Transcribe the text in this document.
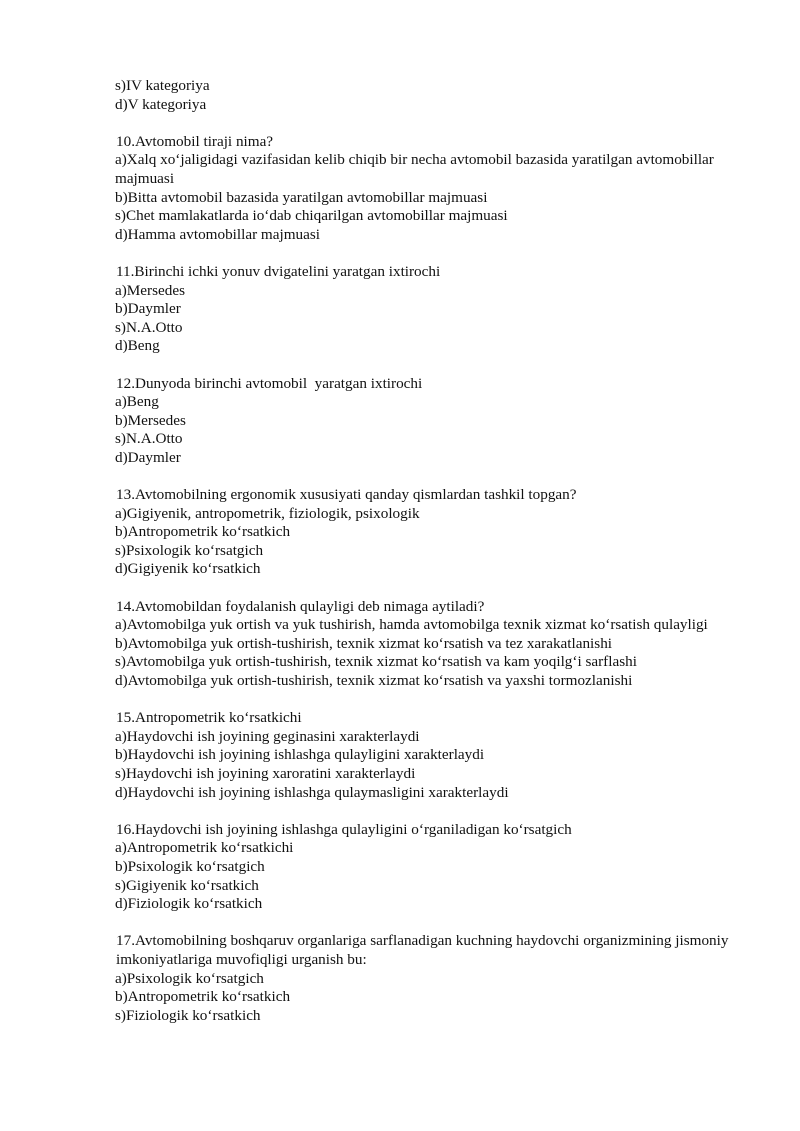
s)IV kategoriya

d)V kategoriya

10.Avtomobil tiraji nima?

a)Xalq xo‘jaligidagi vazifasidan kelib chiqib bir necha avtomobil bazasida yaratilgan avtomobillar majmuasi

b)Bitta avtomobil bazasida yaratilgan avtomobillar majmuasi

s)Chet mamlakatlarda io‘dab chiqarilgan avtomobillar majmuasi

d)Hamma avtomobillar majmuasi

11.Birinchi ichki yonuv dvigatelini yaratgan ixtirochi

a)Mersedes

b)Daymler

s)N.A.Otto

d)Beng

12.Dunyoda birinchi avtomobil  yaratgan ixtirochi

a)Beng

b)Mersedes

s)N.A.Otto

d)Daymler

13.Avtomobilning ergonomik xususiyati qanday qismlardan tashkil topgan?

a)Gigiyenik, antropometrik, fiziologik, psixologik

b)Antropometrik ko‘rsatkich

s)Psixologik ko‘rsatgich

d)Gigiyenik ko‘rsatkich

14.Avtomobildan foydalanish qulayligi deb nimaga aytiladi?

a)Avtomobilga yuk ortish va yuk tushirish, hamda avtomobilga texnik xizmat ko‘rsatish qulayligi

b)Avtomobilga yuk ortish-tushirish, texnik xizmat ko‘rsatish va tez xarakatlanishi

s)Avtomobilga yuk ortish-tushirish, texnik xizmat ko‘rsatish va kam yoqilg‘i sarflashi

d)Avtomobilga yuk ortish-tushirish, texnik xizmat ko‘rsatish va yaxshi tormozlanishi

15.Antropometrik ko‘rsatkichi

a)Haydovchi ish joyining geginasini xarakterlaydi

b)Haydovchi ish joyining ishlashga qulayligini xarakterlaydi

s)Haydovchi ish joyining xaroratini xarakterlaydi

d)Haydovchi ish joyining ishlashga qulaymasligini xarakterlaydi

16.Haydovchi ish joyining ishlashga qulayligini o‘rganiladigan ko‘rsatgich

a)Antropometrik ko‘rsatkichi

b)Psixologik ko‘rsatgich

s)Gigiyenik ko‘rsatkich

d)Fiziologik ko‘rsatkich

17.Avtomobilning boshqaruv organlariga sarflanadigan kuchning haydovchi organizmining jismoniy imkoniyatlariga muvofiqligi urganish bu:

a)Psixologik ko‘rsatgich

b)Antropometrik ko‘rsatkich

s)Fiziologik ko‘rsatkich
